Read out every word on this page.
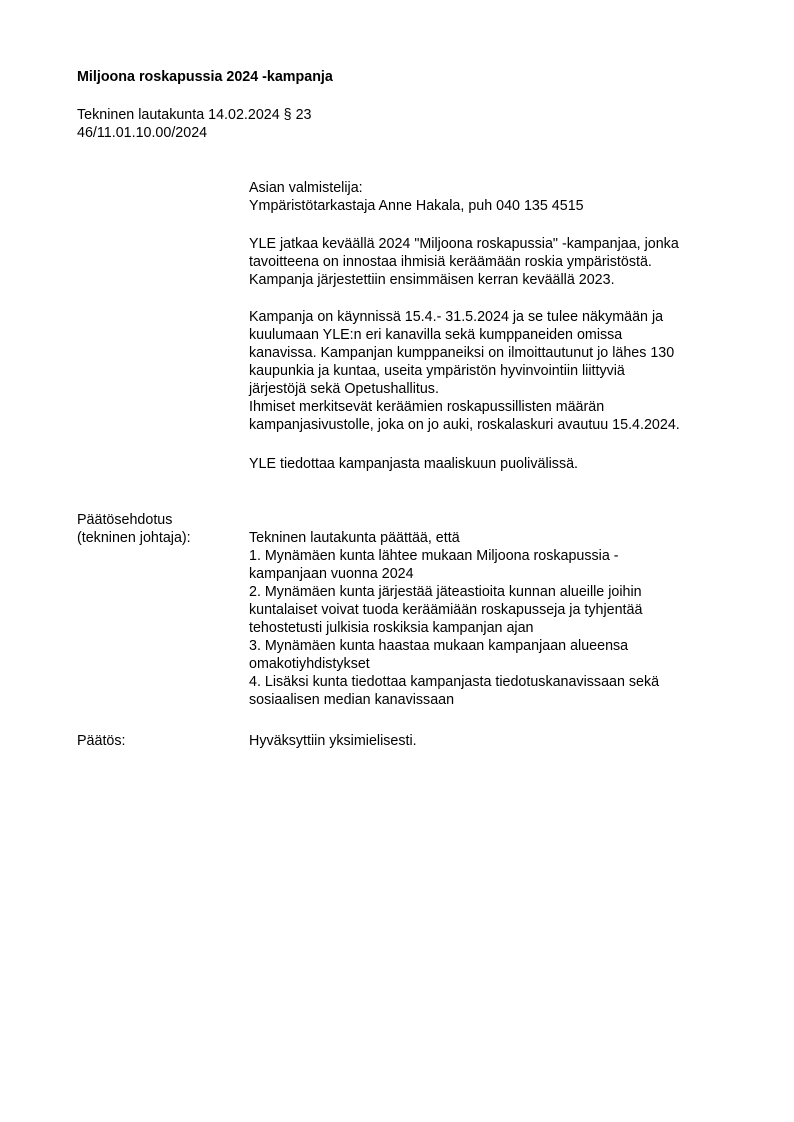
Miljoona roskapussia 2024 -kampanja
Tekninen lautakunta 14.02.2024 § 23
46/11.01.10.00/2024
Asian valmistelija:
Ympäristötarkastaja Anne Hakala, puh 040 135 4515
YLE jatkaa keväällä 2024 "Miljoona roskapussia" -kampanjaa, jonka
tavoitteena on innostaa ihmisiä keräämään roskia ympäristöstä.
Kampanja järjestettiin ensimmäisen kerran keväällä 2023.
Kampanja on käynnissä 15.4.- 31.5.2024 ja se tulee näkymään ja
kuulumaan YLE:n eri kanavilla sekä kumppaneiden omissa
kanavissa. Kampanjan kumppaneiksi on ilmoittautunut jo lähes 130
kaupunkia ja kuntaa, useita ympäristön hyvinvointiin liittyviä
järjestöjä sekä Opetushallitus.
Ihmiset merkitsevät keräämien roskapussillisten määrän
kampanjasivustolle, joka on jo auki, roskalaskuri avautuu 15.4.2024.
YLE tiedottaa kampanjasta maaliskuun puolivälissä.
Päätösehdotus
(tekninen johtaja):	Tekninen lautakunta päättää, että
1. Mynämäen kunta lähtee mukaan Miljoona roskapussia -
kampanjaan vuonna 2024
2. Mynämäen kunta järjestää jäteastioita kunnan alueille joihin
kuntalaiset voivat tuoda keräämiään roskapusseja ja tyhjentää
tehostetusti julkisia roskiksia kampanjan ajan
3. Mynämäen kunta haastaa mukaan kampanjaan alueensa
omakotiyhdistykset
4. Lisäksi kunta tiedottaa kampanjasta tiedotuskanavissaan sekä
sosiaalisen median kanavissaan
Päätös:	Hyväksyttiin yksimielisesti.
